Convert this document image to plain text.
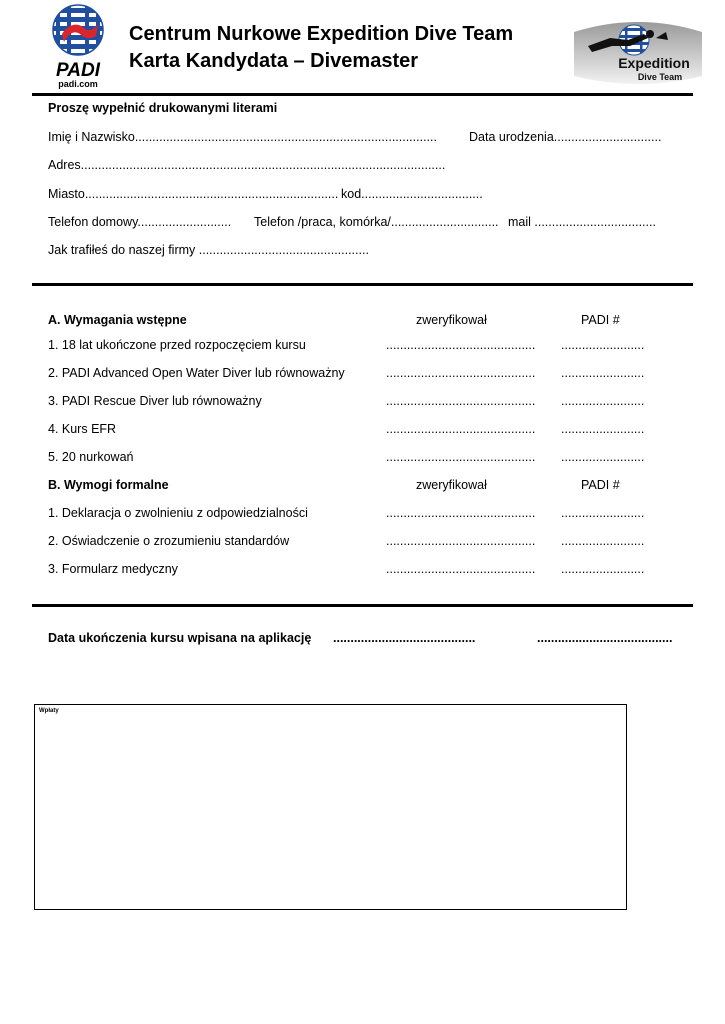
PADI
padi.com
Centrum Nurkowe Expedition Dive Team
Karta Kandydata – Divemaster	Expedition
Dive Team
Proszę wypełnić drukowanymi literami
Imię i Nazwisko.......................................................................................	Data urodzenia...............................
Adres.........................................................................................................
Miasto......................................................................... kod...................................
Telefon domowy........................... Telefon /praca, komórka/............................... mail ...................................
Jak trafiłeś do naszej firmy .................................................
A. Wymagania wstępne	zweryfikował	PADI #
1. 18 lat ukończone przed rozpoczęciem kursu	........................................... ........................
2. PADI Advanced Open Water Diver lub równoważny	........................................... ........................
3. PADI Rescue Diver lub równoważny	........................................... ........................
4. Kurs EFR	........................................... ........................
5. 20 nurkowań	........................................... ........................
B. Wymogi formalne	zweryfikował	PADI #
1. Deklaracja o zwolnieniu z odpowiedzialności	........................................... ........................
2. Oświadczenie o zrozumieniu standardów	........................................... ........................
3. Formularz medyczny	........................................... ........................
Data ukończenia kursu wpisana na aplikację .........................................	.......................................
Wpłaty
